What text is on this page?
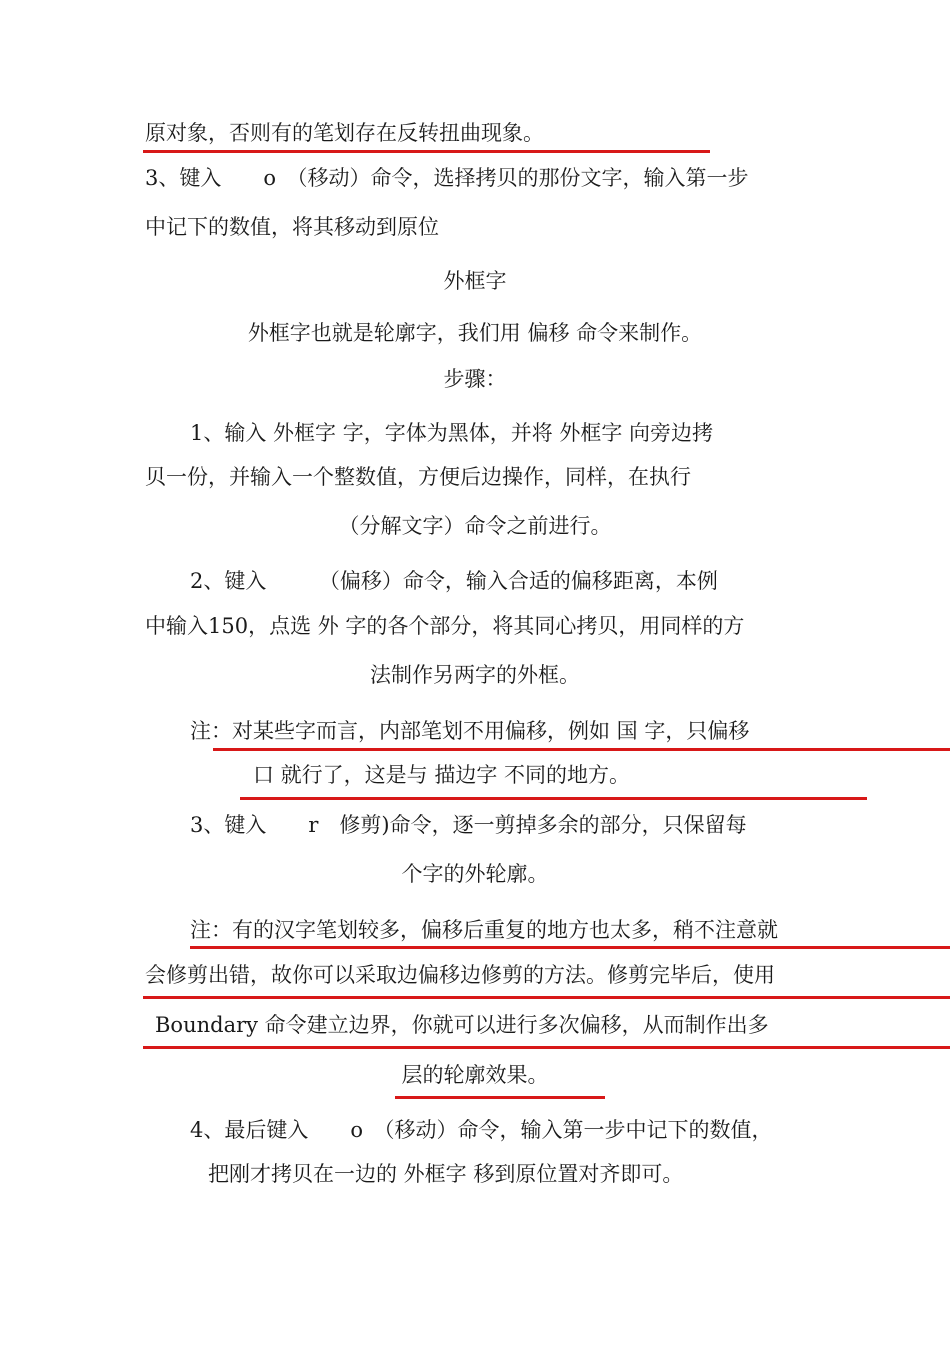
原对象，否则有的笔划存在反转扭曲现象。
3、键入　　o　（移动）命令，选择拷贝的那份文字，输入第一步
中记下的数值，将其移动到原位
外框字
外框字也就是轮廓字，我们用 偏移 命令来制作。
步骤：
1、输入 外框字 字，字体为黑体，并将 外框字 向旁边拷
贝一份，并输入一个整数值，方便后边操作，同样，在执行
（分解文字）命令之前进行。
2、键入　　　（偏移）命令，输入合适的偏移距离，本例
中输入150，点选 外 字的各个部分，将其同心拷贝，用同样的方
法制作另两字的外框。
注：对某些字而言，内部笔划不用偏移，例如 国 字，只偏移
口 就行了，这是与 描边字 不同的地方。
3、键入　　r　修剪)命令，逐一剪掉多余的部分，只保留每
个字的外轮廓。
注：有的汉字笔划较多，偏移后重复的地方也太多，稍不注意就
会修剪出错，故你可以采取边偏移边修剪的方法。修剪完毕后，使用
Boundary 命令建立边界，你就可以进行多次偏移，从而制作出多
层的轮廓效果。
4、最后键入　　o　（移动）命令，输入第一步中记下的数值，
把刚才拷贝在一边的 外框字 移到原位置对齐即可。
